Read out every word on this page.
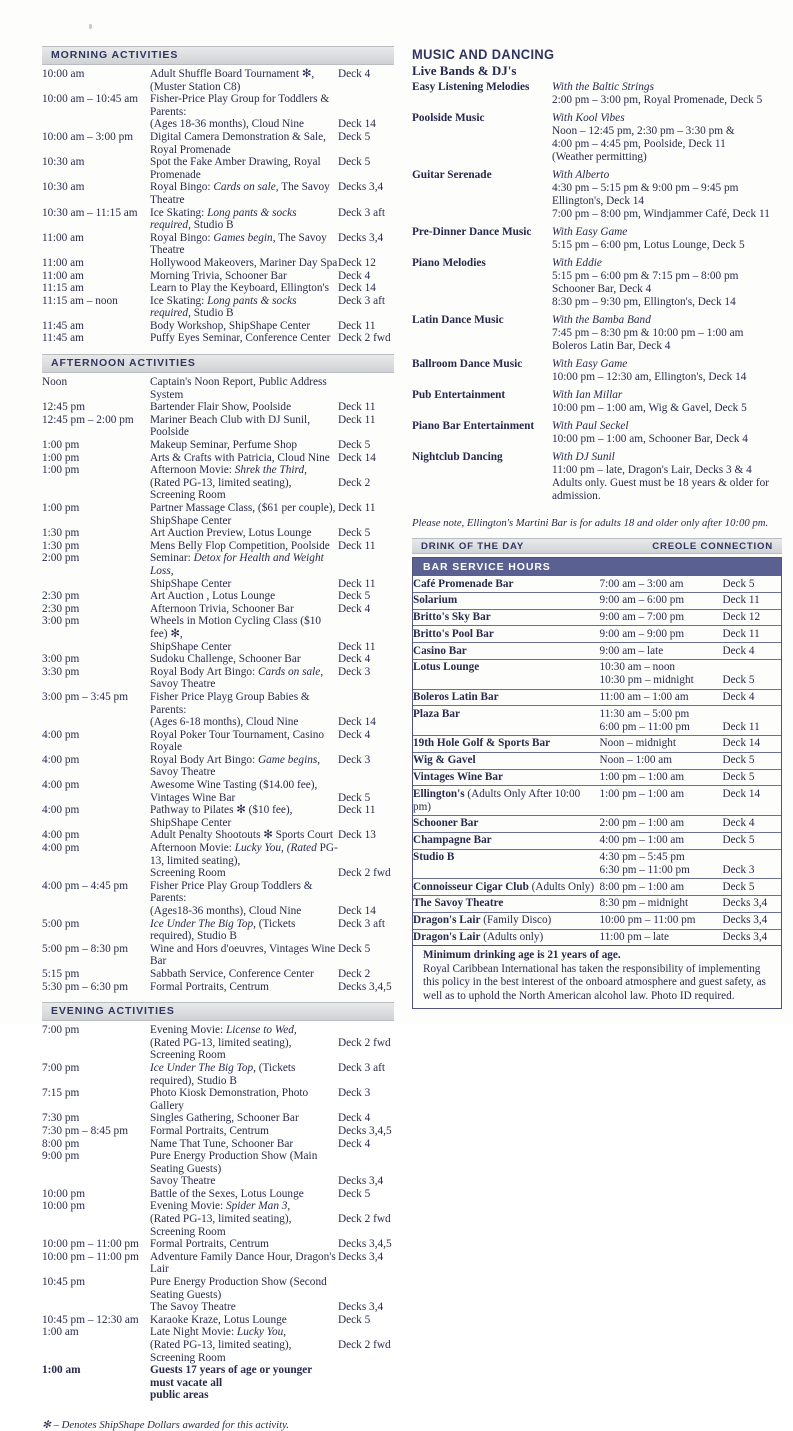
MORNING ACTIVITIES
10:00 am	Adult Shuffle Board Tournament ✻, (Muster Station C8)	Deck 4
10:00 am – 10:45 am	Fisher-Price Play Group for Toddlers & Parents:	
	(Ages 18-36 months), Cloud Nine	Deck 14
10:00 am – 3:00 pm	Digital Camera Demonstration & Sale, Royal Promenade	Deck 5
10:30 am	Spot the Fake Amber Drawing, Royal Promenade	Deck 5
10:30 am	Royal Bingo: Cards on sale, The Savoy Theatre	Decks 3,4
10:30 am – 11:15 am	Ice Skating: Long pants & socks required, Studio B	Deck 3 aft
11:00 am	Royal Bingo: Games begin, The Savoy Theatre	Decks 3,4
11:00 am	Hollywood Makeovers, Mariner Day Spa	Deck 12
11:00 am	Morning Trivia, Schooner Bar	Deck 4
11:15 am	Learn to Play the Keyboard, Ellington's	Deck 14
11:15 am – noon	Ice Skating: Long pants & socks required, Studio B	Deck 3 aft
11:45 am	Body Workshop, ShipShape Center	Deck 11
11:45 am	Puffy Eyes Seminar, Conference Center	Deck 2 fwd
AFTERNOON ACTIVITIES
Noon	Captain's Noon Report, Public Address System	
12:45 pm	Bartender Flair Show, Poolside	Deck 11
12:45 pm – 2:00 pm	Mariner Beach Club with DJ Sunil, Poolside	Deck 11
1:00 pm	Makeup Seminar, Perfume Shop	Deck 5
1:00 pm	Arts & Crafts with Patricia, Cloud Nine	Deck 14
1:00 pm	Afternoon Movie: Shrek the Third,	
	(Rated PG-13, limited seating), Screening Room	Deck 2
1:00 pm	Partner Massage Class, ($61 per couple), ShipShape Center	Deck 11
1:30 pm	Art Auction Preview, Lotus Lounge	Deck 5
1:30 pm	Mens Belly Flop Competition, Poolside	Deck 11
2:00 pm	Seminar: Detox for Health and Weight Loss,	
	ShipShape Center	Deck 11
2:30 pm	Art Auction , Lotus Lounge	Deck 5
2:30 pm	Afternoon Trivia, Schooner Bar	Deck 4
3:00 pm	Wheels in Motion Cycling Class ($10 fee) ✻,	
	ShipShape Center	Deck 11
3:00 pm	Sudoku Challenge, Schooner Bar	Deck 4
3:30 pm	Royal Body Art Bingo: Cards on sale, Savoy Theatre	Deck 3
3:00 pm – 3:45 pm	Fisher Price Playg Group Babies & Parents:	
	(Ages 6-18 months), Cloud Nine	Deck 14
4:00 pm	Royal Poker Tour Tournament, Casino Royale	Deck 4
4:00 pm	Royal Body Art Bingo: Game begins, Savoy Theatre	Deck 3
4:00 pm	Awesome Wine Tasting ($14.00 fee),	
	Vintages Wine Bar	Deck 5
4:00 pm	Pathway to Pilates ✻ ($10 fee), ShipShape Center	Deck 11
4:00 pm	Adult Penalty Shootouts ✻ Sports Court	Deck 13
4:00 pm	Afternoon Movie: Lucky You, (Rated PG-13, limited seating),	
	Screening Room	Deck 2 fwd
4:00 pm – 4:45 pm	Fisher Price Play Group Toddlers & Parents:	
	(Ages18-36 months), Cloud Nine	Deck 14
5:00 pm	Ice Under The Big Top, (Tickets required), Studio B	Deck 3 aft
5:00 pm – 8:30 pm	Wine and Hors d'oeuvres, Vintages Wine Bar	Deck 5
5:15 pm	Sabbath Service, Conference Center	Deck 2
5:30 pm – 6:30 pm	Formal Portraits, Centrum	Decks 3,4,5
EVENING ACTIVITIES
7:00 pm	Evening Movie: License to Wed,	
	(Rated PG-13, limited seating), Screening Room	Deck 2 fwd
7:00 pm	Ice Under The Big Top, (Tickets required), Studio B	Deck 3 aft
7:15 pm	Photo Kiosk Demonstration, Photo Gallery	Deck 3
7:30 pm	Singles Gathering, Schooner Bar	Deck 4
7:30 pm – 8:45 pm	Formal Portraits, Centrum	Decks 3,4,5
8:00 pm	Name That Tune, Schooner Bar	Deck 4
9:00 pm	Pure Energy Production Show (Main Seating Guests)	
	Savoy Theatre	Decks 3,4
10:00 pm	Battle of the Sexes, Lotus Lounge	Deck 5
10:00 pm	Evening Movie: Spider Man 3,	
	(Rated PG-13, limited seating), Screening Room	Deck 2 fwd
10:00 pm – 11:00 pm	Formal Portraits, Centrum	Decks 3,4,5
10:00 pm – 11:00 pm	Adventure Family Dance Hour, Dragon's Lair	Decks 3,4
10:45 pm	Pure Energy Production Show (Second Seating Guests)	
	The Savoy Theatre	Decks 3,4
10:45 pm – 12:30 am	Karaoke Kraze, Lotus Lounge	Deck 5
1:00 am	Late Night Movie: Lucky You,	
	(Rated PG-13, limited seating), Screening Room	Deck 2 fwd
1:00 am	Guests 17 years of age or younger must vacate all	
	public areas	
✻ – Denotes ShipShape Dollars awarded for this activity.
MUSIC AND DANCING
Live Bands & DJ's
Easy Listening Melodies	With the Baltic Strings
	2:00 pm – 3:00 pm, Royal Promenade, Deck 5

Poolside Music	With Kool Vibes
	Noon – 12:45 pm, 2:30 pm – 3:30 pm &
	4:00 pm – 4:45 pm, Poolside, Deck 11
	(Weather permitting)

Guitar Serenade	With Alberto
	4:30 pm – 5:15 pm & 9:00 pm – 9:45 pm
	Ellington's, Deck 14
	7:00 pm – 8:00 pm, Windjammer Café, Deck 11

Pre-Dinner Dance Music	With Easy Game
	5:15 pm – 6:00 pm, Lotus Lounge, Deck 5

Piano Melodies	With Eddie
	5:15 pm – 6:00 pm & 7:15 pm – 8:00 pm
	Schooner Bar, Deck 4
	8:30 pm – 9:30 pm, Ellington's, Deck 14

Latin Dance Music	With the Bamba Band
	7:45 pm – 8:30 pm & 10:00 pm – 1:00 am
	Boleros Latin Bar, Deck 4

Ballroom Dance Music	With Easy Game
	10:00 pm – 12:30 am, Ellington's, Deck 14

Pub Entertainment	With Ian Millar
	10:00 pm – 1:00 am, Wig & Gavel, Deck 5

Piano Bar Entertainment	With Paul Seckel
	10:00 pm – 1:00 am, Schooner Bar, Deck 4

Nightclub Dancing	With DJ Sunil
	11:00 pm – late, Dragon's Lair, Decks 3 & 4
	Adults only. Guest must be 18 years & older for admission.
Please note, Ellington's Martini Bar is for adults 18 and older only after 10:00 pm.
DRINK OF THE DAY	CREOLE CONNECTION
BAR SERVICE HOURS
Café Promenade Bar	7:00 am – 3:00 am	Deck 5
Solarium	9:00 am – 6:00 pm	Deck 11
Britto's Sky Bar	9:00 am – 7:00 pm	Deck 12
Britto's Pool Bar	9:00 am – 9:00 pm	Deck 11
Casino Bar	9:00 am – late	Deck 4
Lotus Lounge	10:30 am – noon
10:30 pm – midnight	Deck 5
Boleros Latin Bar	11:00 am – 1:00 am	Deck 4
Plaza Bar	11:30 am – 5:00 pm
6:00 pm – 11:00 pm	Deck 11
19th Hole Golf & Sports Bar	Noon – midnight	Deck 14
Wig & Gavel	Noon – 1:00 am	Deck 5
Vintages Wine Bar	1:00 pm – 1:00 am	Deck 5
Ellington's (Adults Only After 10:00 pm)	1:00 pm – 1:00 am	Deck 14
Schooner Bar	2:00 pm – 1:00 am	Deck 4
Champagne Bar	4:00 pm – 1:00 am	Deck 5
Studio B	4:30 pm – 5:45 pm
6:30 pm – 11:00 pm	Deck 3
Connoisseur Cigar Club (Adults Only)	8:00 pm – 1:00 am	Deck 5
The Savoy Theatre	8:30 pm – midnight	Decks 3,4
Dragon's Lair (Family Disco)	10:00 pm – 11:00 pm	Decks 3,4
Dragon's Lair (Adults only)	11:00 pm – late	Decks 3,4
Minimum drinking age is 21 years of age.
Royal Caribbean International has taken the responsibility of implementing this policy in the best interest of the onboard atmosphere and guest safety, as well as to uphold the North American alcohol law. Photo ID required.
